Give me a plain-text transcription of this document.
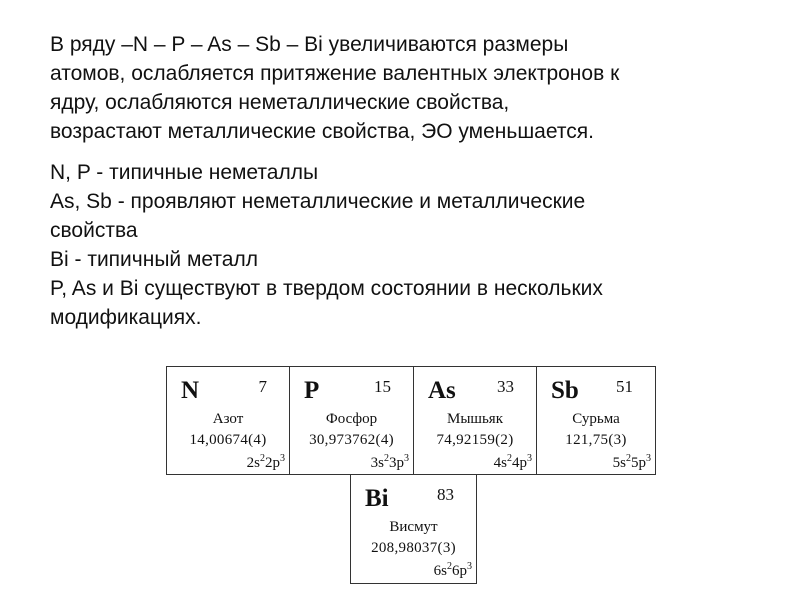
В ряду –N – P – As – Sb – Bi увеличиваются размеры
атомов, ослабляется притяжение валентных электронов к
ядру, ослабляются неметаллические свойства,
возрастают металлические свойства, ЭО уменьшается.

N, P - типичные неметаллы

As, Sb - проявляют неметаллические и металлические
свойства

Bi - типичный металл

P, As и Bi существуют в твердом состоянии в нескольких
модификациях.

N	7
Азот
14,00674(4)
$2s^22p^3$
P	15
Фосфор
30,973762(4)
$3s^23p^3$
As 33
Мышьяк
74,92159(2)
$4s^24p^3$
Sb 51
Сурьма
121,75(3)
$5s^25p^3$
Bi	83
Висмут
208,98037(3)
$6s^26p^3$
